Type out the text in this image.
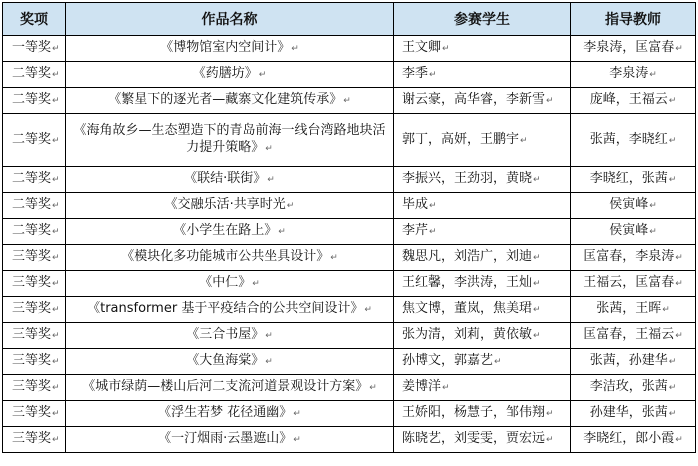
奖项	作品名称	参赛学生	指导教师
一等奖↵	《博物馆室内空间计》↵	王文卿↵	李泉涛，匡富春↵
二等奖↵	《药膳坊》↵	李季↵	李泉涛↵
二等奖↵	《繁星下的逐光者—藏寨文化建筑传承》↵	谢云豪，高华睿，李新雪↵	庞峰，王福云↵
二等奖↵	《海角故乡—生态塑造下的青岛前海一线台湾路地块活力提升策略》↵	郭丁，高妍，王鹏宇↵	张茜，李晓红↵
二等奖↵	《联结·联街》↵	李振兴，王劲羽，黄晓↵	李晓红，张茜↵
二等奖↵	《交融乐活·共享时光↵	毕成↵	侯寅峰↵
二等奖↵	《小学生在路上》↵	李芹↵	侯寅峰↵
三等奖↵	《模块化多功能城市公共坐具设计》↵	魏思凡，刘浩广，刘迪↵	匡富春，李泉涛↵
三等奖↵	《中仁》↵	王红馨，李洪涛，王灿↵	王福云，匡富春↵
三等奖↵	《transformer 基于平疫结合的公共空间设计》↵	焦文博，董岚，焦美珺↵	张茜，王晖↵
三等奖↵	《三合书屋》↵	张为清，刘莉，黄依敏↵	匡富春，王福云↵
三等奖↵	《大鱼海棠》↵	孙博文，郭嘉艺↵	张茜，孙建华↵
三等奖↵	《城市绿荫—楼山后河二支流河道景观设计方案》↵	姜博洋↵	李洁玫，张茜↵
三等奖↵	《浮生若梦 花径通幽》↵	王娇阳，杨慧子，邹伟翔↵	孙建华，张茜↵
三等奖↵	《一汀烟雨·云墨遮山》↵	陈晓艺，刘雯雯，贾宏远↵	李晓红，郎小霞↵
